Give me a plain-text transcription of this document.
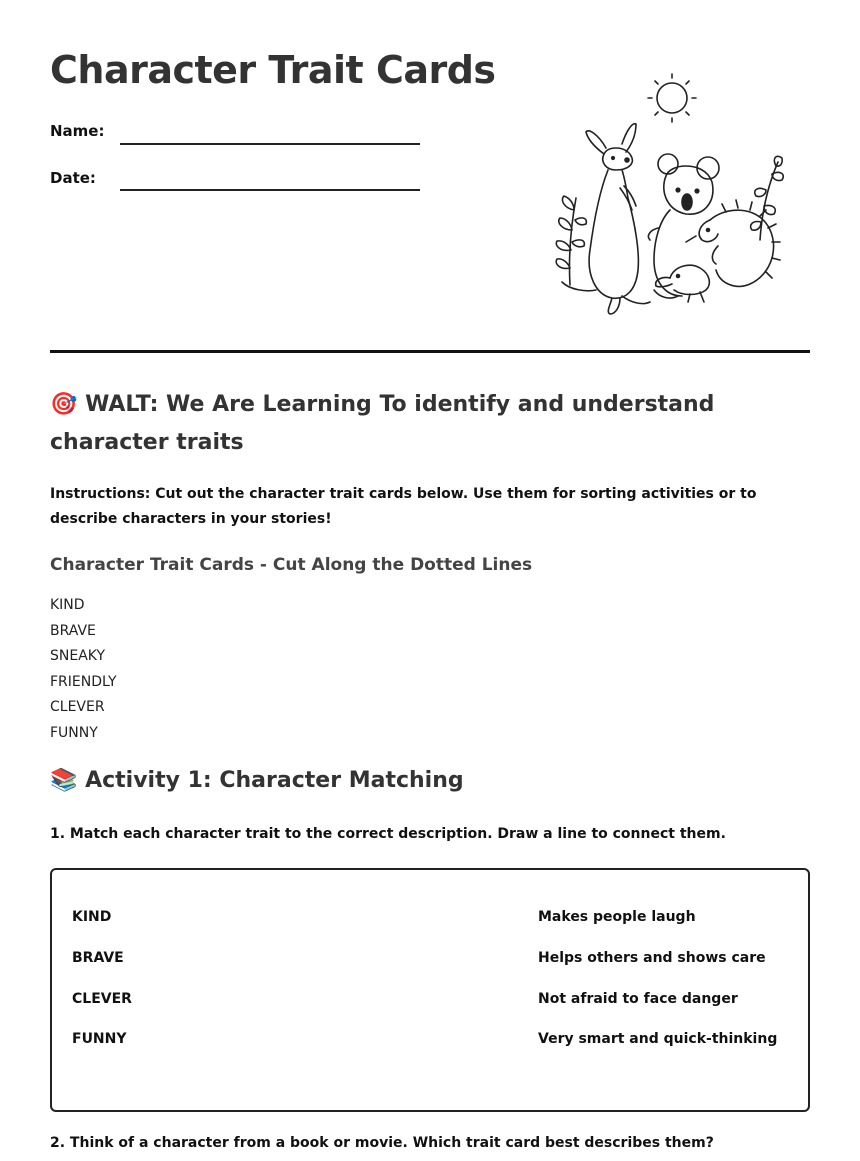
Character Trait Cards
Name:
Date:
🎯 WALT: We Are Learning To identify and understand character traits

Instructions: Cut out the character trait cards below. Use them for sorting activities or to describe characters in your stories!

Character Trait Cards - Cut Along the Dotted Lines
KIND
BRAVE
SNEAKY
FRIENDLY
CLEVER
FUNNY
📚 Activity 1: Character Matching

1. Match each character trait to the correct description. Draw a line to connect them.

KIND	Makes people laugh
BRAVE	Helps others and shows care
CLEVER	Not afraid to face danger
FUNNY	Very smart and quick-thinking

2. Think of a character from a book or movie. Which trait card best describes them?
